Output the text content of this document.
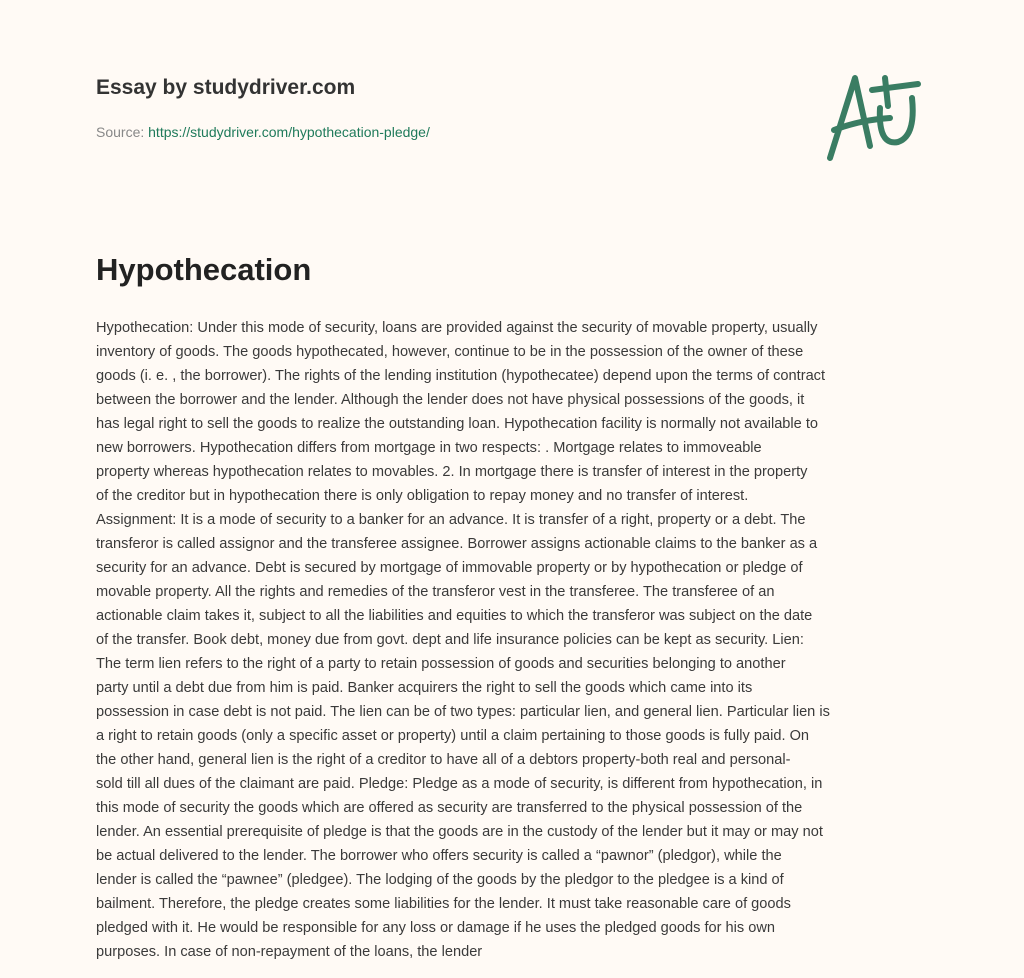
Essay by studydriver.com
Source: https://studydriver.com/hypothecation-pledge/
Hypothecation
Hypothecation: Under this mode of security, loans are provided against the security of movable property, usually
inventory of goods. The goods hypothecated, however, continue to be in the possession of the owner of these
goods (i. e. , the borrower). The rights of the lending institution (hypothecatee) depend upon the terms of contract
between the borrower and the lender. Although the lender does not have physical possessions of the goods, it
has legal right to sell the goods to realize the outstanding loan. Hypothecation facility is normally not available to
new borrowers. Hypothecation differs from mortgage in two respects: . Mortgage relates to immoveable
property whereas hypothecation relates to movables. 2. In mortgage there is transfer of interest in the property
of the creditor but in hypothecation there is only obligation to repay money and no transfer of interest.
Assignment: It is a mode of security to a banker for an advance. It is transfer of a right, property or a debt. The
transferor is called assignor and the transferee assignee. Borrower assigns actionable claims to the banker as a
security for an advance. Debt is secured by mortgage of immovable property or by hypothecation or pledge of
movable property. All the rights and remedies of the transferor vest in the transferee. The transferee of an
actionable claim takes it, subject to all the liabilities and equities to which the transferor was subject on the date
of the transfer. Book debt, money due from govt. dept and life insurance policies can be kept as security. Lien:
The term lien refers to the right of a party to retain possession of goods and securities belonging to another
party until a debt due from him is paid. Banker acquirers the right to sell the goods which came into its
possession in case debt is not paid. The lien can be of two types: particular lien, and general lien. Particular lien is
a right to retain goods (only a specific asset or property) until a claim pertaining to those goods is fully paid. On
the other hand, general lien is the right of a creditor to have all of a debtors property-both real and personal-
sold till all dues of the claimant are paid. Pledge: Pledge as a mode of security, is different from hypothecation, in
this mode of security the goods which are offered as security are transferred to the physical possession of the
lender. An essential prerequisite of pledge is that the goods are in the custody of the lender but it may or may not
be actual delivered to the lender. The borrower who offers security is called a “pawnor” (pledgor), while the
lender is called the “pawnee” (pledgee). The lodging of the goods by the pledgor to the pledgee is a kind of
bailment. Therefore, the pledge creates some liabilities for the lender. It must take reasonable care of goods
pledged with it. He would be responsible for any loss or damage if he uses the pledged goods for his own
purposes. In case of non-repayment of the loans, the lender
